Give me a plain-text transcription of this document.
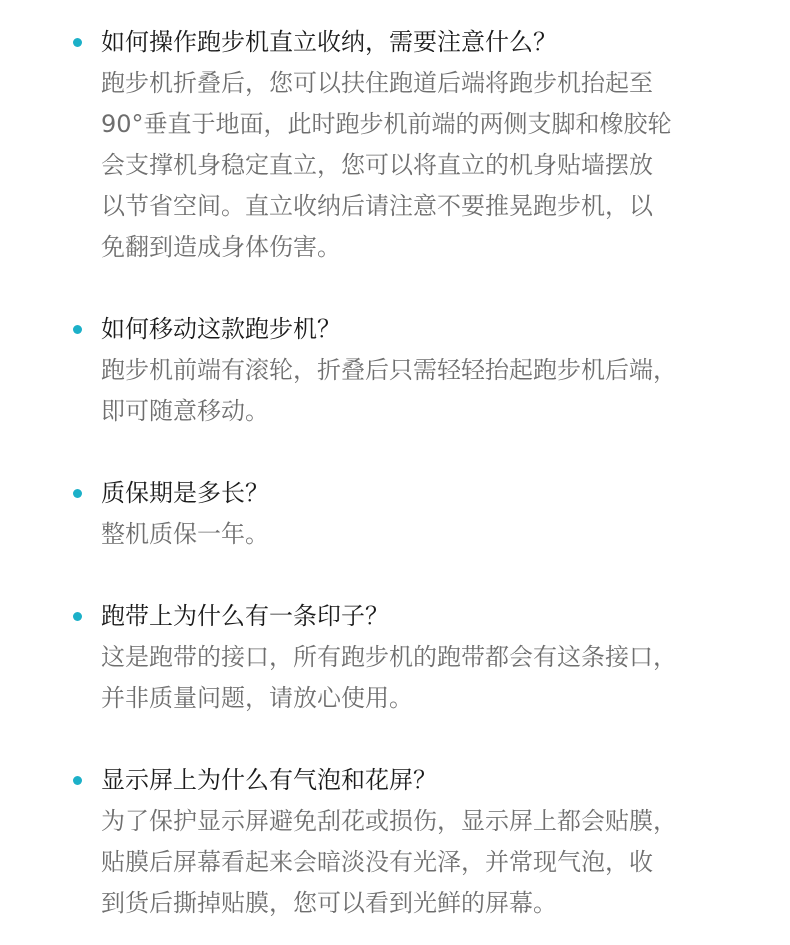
如何操作跑步机直立收纳，需要注意什么？
跑步机折叠后，您可以扶住跑道后端将跑步机抬起至
90°垂直于地面，此时跑步机前端的两侧支脚和橡胶轮
会支撑机身稳定直立，您可以将直立的机身贴墙摆放
以节省空间。直立收纳后请注意不要推晃跑步机，以
免翻到造成身体伤害。
如何移动这款跑步机？
跑步机前端有滚轮，折叠后只需轻轻抬起跑步机后端，
即可随意移动。
质保期是多长？
整机质保一年。
跑带上为什么有一条印子？
这是跑带的接口，所有跑步机的跑带都会有这条接口，
并非质量问题，请放心使用。
显示屏上为什么有气泡和花屏？
为了保护显示屏避免刮花或损伤，显示屏上都会贴膜，
贴膜后屏幕看起来会暗淡没有光泽，并常现气泡，收
到货后撕掉贴膜，您可以看到光鲜的屏幕。
